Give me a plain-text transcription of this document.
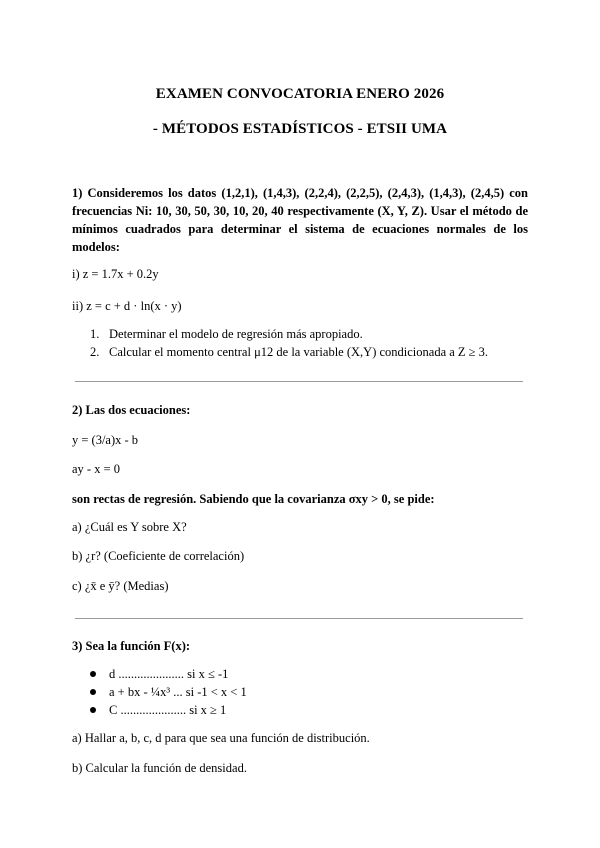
EXAMEN CONVOCATORIA ENERO 2026
- MÉTODOS ESTADÍSTICOS - ETSII UMA
1) Consideremos los datos (1,2,1), (1,4,3), (2,2,4), (2,2,5), (2,4,3), (1,4,3), (2,4,5) con frecuencias Ni: 10, 30, 50, 30, 10, 20, 40 respectivamente (X, Y, Z). Usar el método de mínimos cuadrados para determinar el sistema de ecuaciones normales de los modelos:
i) z = 1.7x + 0.2y
ii) z = c + d · ln(x · y)
1. Determinar el modelo de regresión más apropiado.
2. Calcular el momento central μ12 de la variable (X,Y) condicionada a Z ≥ 3.
2) Las dos ecuaciones:
y = (3/a)x - b
ay - x = 0
son rectas de regresión. Sabiendo que la covarianza σxy > 0, se pide:
a) ¿Cuál es Y sobre X?
b) ¿r? (Coeficiente de correlación)
c) ¿x̄ e ȳ? (Medias)
3) Sea la función F(x):
d ..................... si x ≤ -1
a + bx - ¼x³ ... si -1 < x < 1
C ..................... si x ≥ 1
a) Hallar a, b, c, d para que sea una función de distribución.
b) Calcular la función de densidad.
